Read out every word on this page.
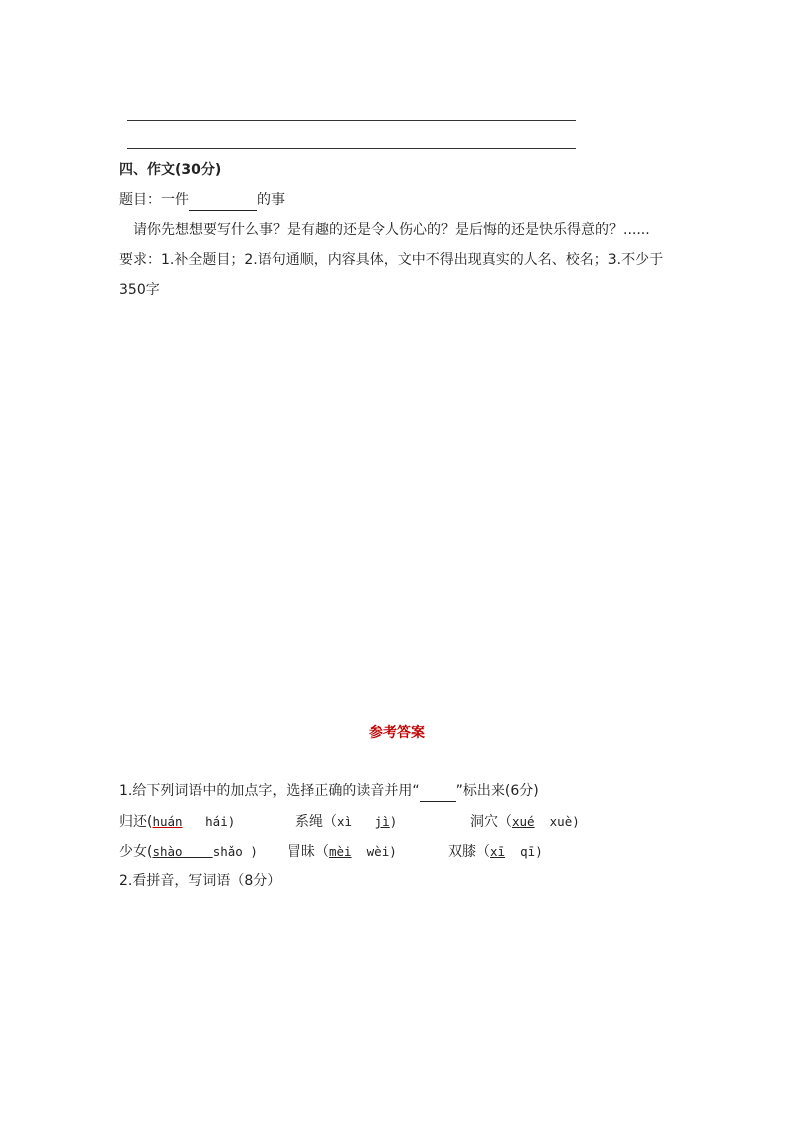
四、作文(30分)
题目：一件	的事
请你先想想要写什么事？是有趣的还是令人伤心的？是后悔的还是快乐得意的？......
要求：1.补全题目；2.语句通顺，内容具体，文中不得出现真实的人名、校名；3.不少于
350字
参考答案
1.给下列词语中的加点字，选择正确的读音并用“	”标出来(6分)
归还(huán hái)	系绳（xì jì)	洞穴（xué xuè)
少女(shào shǎo ) 冒昧（mèi wèi)	双膝（xī qī)
2.看拼音，写词语（8分）
